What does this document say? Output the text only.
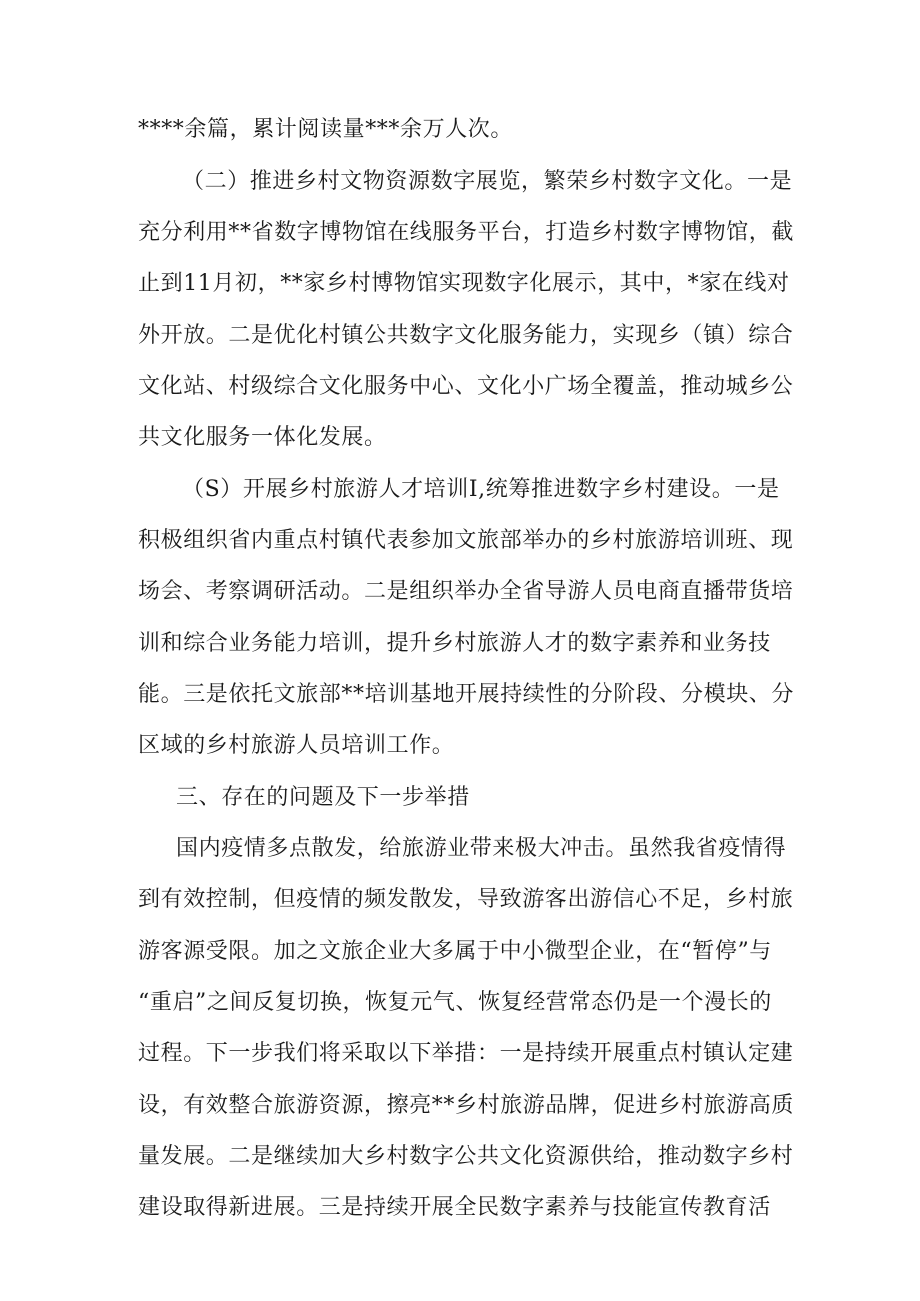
****余篇，累计阅读量***余万人次。
（二）推进乡村文物资源数字展览，繁荣乡村数字文化。一是
充分利用**省数字博物馆在线服务平台，打造乡村数字博物馆，截
止到11月初，**家乡村博物馆实现数字化展示，其中，*家在线对
外开放。二是优化村镇公共数字文化服务能力，实现乡（镇）综合
文化站、村级综合文化服务中心、文化小广场全覆盖，推动城乡公
共文化服务一体化发展。
（S）开展乡村旅游人才培训I,统筹推进数字乡村建设。一是
积极组织省内重点村镇代表参加文旅部举办的乡村旅游培训班、现
场会、考察调研活动。二是组织举办全省导游人员电商直播带货培
训和综合业务能力培训，提升乡村旅游人才的数字素养和业务技
能。三是依托文旅部**培训基地开展持续性的分阶段、分模块、分
区域的乡村旅游人员培训工作。
三、存在的问题及下一步举措
国内疫情多点散发，给旅游业带来极大冲击。虽然我省疫情得
到有效控制，但疫情的频发散发，导致游客出游信心不足，乡村旅
游客源受限。加之文旅企业大多属于中小微型企业，在“暂停”与
“重启”之间反复切换，恢复元气、恢复经营常态仍是一个漫长的
过程。下一步我们将采取以下举措：一是持续开展重点村镇认定建
设，有效整合旅游资源，擦亮**乡村旅游品牌，促进乡村旅游高质
量发展。二是继续加大乡村数字公共文化资源供给，推动数字乡村
建设取得新进展。三是持续开展全民数字素养与技能宣传教育活
